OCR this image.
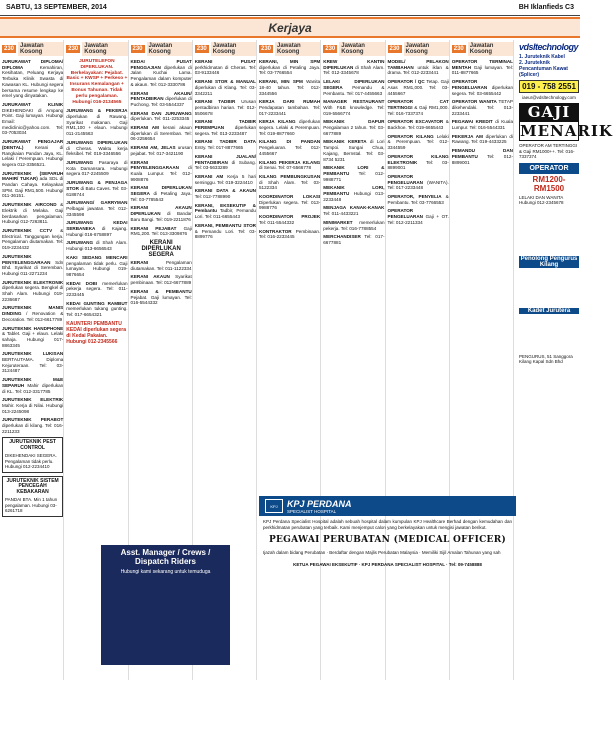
SABTU, 13 SEPTEMBER, 2014	BH Iklanfieds C3
Kerjaya
230	Jawatan Kosong
JURURAWAT DIPLOMA/ DIPLOMA	Kemahiran, Kesihatan, Peluang Kerjaya Terbuka Klinik Swasta di Kawasan KL. Hubungi segera bersama resume lengkap ke emel yang dinyatakan.
JURURAWAT KLINIK DIKEHENDAKI di Ampang Point. Gaji lumayan. Hubungi Email: mediclinic@yahoo.com. Tel: 03-7053034
JURURAWAT PENGAJAR (DENTAL)	Kerani di Rangkaian Pandan Jaya, KL. Lelaki / Perempuan. Hubungi segera 012-3356521.
JURUTEKNIK (SEPARUH MAHIR/ TUKAR) ada SDL di Pandan Cahaya. Kelayakan SPM. Gaji RM1,500. Hubungi 011-36151.
JURUTEKNIK AIRCOND & Elektrik di Melaka. Gaji berdasarkan pengalaman. Hubungi 012-7263811.
JURUTEKNIK CCTV & Electrical. Tanggungan kerja. Pengalaman diutamakan. Tel: 019-2234432
JURUTEKNIK PENYELENGGARAAN Sdn Bhd. Syarikat di Seremban. Hubungi 011-2271234
JURUTEKNIK ELEKTRONIK diperlukan segera. Bengkel di Shah Alam. Hubungi 019-2236687
JURUTEKNIK MANIS DINDING / Renovation & Decoration. Tel: 012-6617789
JURUTEKNIK HANDPHONE & Tablet. Gaji + elaun. Lelaki sahaja. Hubungi 017-8863345
JURUTEKNIK LUKISAN BERTAUTAMA. Diploma Kejuruteraan. Tel: 03-3124487
JURUTEKNIK M&E SEPARUH Mahir diperlukan di KL. Tel: 012-3317785
JURUTEKNIK ELEKTRIK Mahir. Kerja di Nilai. Hubungi 013-2245098
JURUTEKNIK PERABOT diperlukan di kilang. Tel: 016-2211233
JURUTEKNIK PEST CONTROL
DIKEHENDAKI SEGERA. Pengalaman tidak perlu. Hubungi 012-2234410
JURUTEKNIK SISTEM PENCEGAH KEBAKARAN
PANDAI BTA. Min 1 tahun pengalaman. Hubungi 03-6261718
230	Jawatan Kosong
JURUTELEFON DIPERLUKAN. Berkelayakan: Pejabat. Basic + KWSP + Perkeso + Insurans Kemalangan + Bonus Tahunan. Tidak perlu pengalaman. Hubungi 016-2134565
JURUWANG & PEKERJA diperlukan di Rawang. Syarikat makanan. Gaji RM1,100 + elaun. Hubungi 011-2145563
JURUWANG DIPERLUKAN di Cheras. Waktu kerja fleksibel. Tel: 019-3346556
JURUWANG Pasaraya di Kota Damansara. Hubungi segera 017-2245509
JURUWANG & PENJAGA STOR di Batu Caves. Tel: 03-6188744
JURUWANG/ GARRYMAN Pelbagai jawatan. Tel: 012-3345598
JURUWANG KEDAI SERBANEKA di Kajang. Hubungi 016-6758897
JURUWANG di Shah Alam. Hubungi 013-6656543
KAKI SEDANG MENCARI pengalaman tidak perlu. Gaji lumayan. Hubungi 019-9876654
KEDAI DOBI memerlukan pekerja segera. Tel: 011-2233445
KEDAI GUNTING RAMBUT memerlukan tukang gunting. Tel: 017-6654321
KAUNTER/ PEMBANTU KEDAI diperlukan segera di Kedai Pakaian. Hubungi 012-2345566
230	Jawatan Kosong
KEDAI PUSAT PENGGAJIAN diperlukan di Jalan Kuchai Lama. Pengalaman dalam komputer & akaun. Tel: 012-3330786
KERANI AKAUN/ PENTADBIRAN diperlukan di Puchong. Tel: 03-5544337
KERANI DAN JURUWANG diperlukan. Tel: 011-2253345
KERANI AM kerani akaun diperlukan di Seremban. Tel: 06-2256654
KERANI AM, JELAS urusan pejabat. Tel: 017-3421190
KERANI PENYELENGGARAAN di Kuala Lumpur. Tel: 012-9908876
KERANI DIPERLUKAN SEGERA di Petaling Jaya. Tel: 03-7785543
KERANI AKAUN DIPERLUKAN di Bandar Baru Bangi. Tel: 019-2211876
KERANI PEJABAT Gaji RM1,200. Tel: 013-3309876
KERANI DIPERLUKAN SEGERA
KERANI	Pengalaman diutamakan. Tel: 011-1122334
KERANI AKAUN Syarikat pembinaan. Tel: 012-6677889
KERANI & PEMBANTU Pejabat. Gaji lumayan. Tel: 016-5544332
230	Jawatan Kosong
KERANI PUSAT perkhidmatan di Cheras. Tel: 03-9133446
KERANI STOR & MANUAL diperlukan di Klang. Tel: 03-3342211
KERANI TADBIR Urusan pentadbiran harian. Tel: 012-5506678
KERANI TADBIR PEREMPUAN diperlukan segera. Tel: 013-2233487
KERANI TADBIR DATA Entry. Tel: 017-8877665
KERANI JUALAN/ PENTADBIRAN di Subang. Tel: 03-5633289
KERANI AM Kerja 5 hari seminggu. Tel: 019-3224410
KERANI DATA & AKAUN Tel: 012-7788990
KERANI, EKSEKUTIF & Pembantu Tadbir, Pemandu Lori. Tel: 011-6655443
KERANI, PEMBANTU STOR & Pemandu Lori. Tel: 03-8899776
230	Jawatan Kosong
KERANI, MIN SPM diperlukan di Petaling Jaya. Tel: 03-7766554
KERANI, MIN SPM Wanita 18-40 tahun. Tel: 012-3344556
KERJA DARI RUMAH Pendapatan tambahan. Tel: 017-2233441
KERJA KILANG diperlukan segera. Lelaki & Perempuan. Tel: 019-8877660
KILANG DI PANDAN Pengeluaran. Tel: 012-4455667
KILANG PEKERJA KILANG di Senai. Tel: 07-5566778
KILANG PEMBUNGKUSAN di Shah Alam. Tel: 03-5122334
KOORDINATOR LOKASI Diperlukan segera. Tel: 013-9988776
KOORDINATOR PROJEK Tel: 011-5544332
KONTRAKTOR Pembinaan. Tel: 016-2233445
230	Jawatan Kosong
KREW KANTIN DIPERLUKAN di Shah Alam. Tel: 012-3345678
LELAKI DIPERLUKAN SEGERA Pemandu & Pembantu. Tel: 017-4455663
MANAGER RESTAURANT With F&B knowledge. Tel: 019-5566774
MEKANIK DAPUR Pengalaman 2 tahun. Tel: 03-6677889
MEKANIK KERETA di Lori Tampoi. Sungai Chua, Kajang, Bernstal. Tel: 03-8734 5231
MEKANIK LORI & PEMBANTU Tel: 012-9988771
MEKANIK LORI, PEMBANTU Hubungi 013-2233448
MENJAGA KANAK-KANAK Tel: 011-4433221
MINIMARKET memerlukan pekerja. Tel: 016-7788554
MERCHANDISER Tel: 017-6677881
230	Jawatan Kosong
MODEL/ PELAKON TAMBAHAN untuk iklan & drama. Tel: 012-2233441
OPERATOR / QC Tetap. Gaji Asas RM1,000. Tel: 03-4455667
OPERATOR CAT TERTINGGI & Gaji RM1,000. Tel: 016-7337374
OPERATOR EXCAVATOR & Backhoe. Tel: 019-6655443
OPERATOR KILANG Lelaki & Perempuan. Tel: 012-3344559
OPERATOR KILANG ELEKTRONIK Tel: 03-8899001
OPERATOR PENGELUARAN (WANITA). Tel: 017-2233448
OPERATOR, PENYELIA & Pembantu. Tel: 03-7766553
OPERATOR PENGELUARAN Gaji + OT. Tel: 012-2211334
230	Jawatan Kosong
OPERATOR TERMINAL MENTAH Gaji lumayan. Tel: 011-8877665
OPERATOR PENGELUARAN diperlukan segera. Tel: 03-6655442
OPERATOR WANITA TETAP dikehendaki. Tel: 013-2233441
PEGAWAI KREDIT di Kuala Lumpur. Tel: 016-5544331
PEKERJA AM diperlukan di Rawang. Tel: 019-4433225
PEMANDU DAN PEMBANTU Tel: 012-8899001
Asst. Manager / Crews / Dispatch Riders
Hubungi kami sekarang untuk temuduga
KPJ	KPJ PERDANA
SPECIALIST HOSPITAL
KPJ Perdana Specialist Hospital adalah sebuah hospital dalam kumpulan KPJ Healthcare Berhad dengan kemudahan dan perkhidmatan perubatan yang terbaik. Kami menjemput calon yang berkelayakan untuk mengisi jawatan berikut.
PEGAWAI PERUBATAN (MEDICAL OFFICER)
Ijazah dalam bidang Perubatan · Berdaftar dengan Majlis Perubatan Malaysia · Memiliki Sijil Amalan Tahunan yang sah
KETUA PEGAWAI EKSEKUTIF · KPJ PERDANA SPECIALIST HOSPITAL · Tel: 09-7458888
vdsltechnology
1. Juruteknik Kabel
2. Juruteknik Pencantuman Kawat (Splicer)
019 - 758 2551
iaeur@vdsltechnology.com
GAJI
MENARIK
OPERATOR AM TERTINGGI & Gaji RM1000++. Tel: 016-7337374
OPERATOR
RM1200-RM1500
LELAKI DAN WANITA Hubungi 012-2345678
Penolong Pengurus Kilang
Kadet Jurutera
PENGURUS, 51 Sanggora Kilang Kapal Sdn Bhd
